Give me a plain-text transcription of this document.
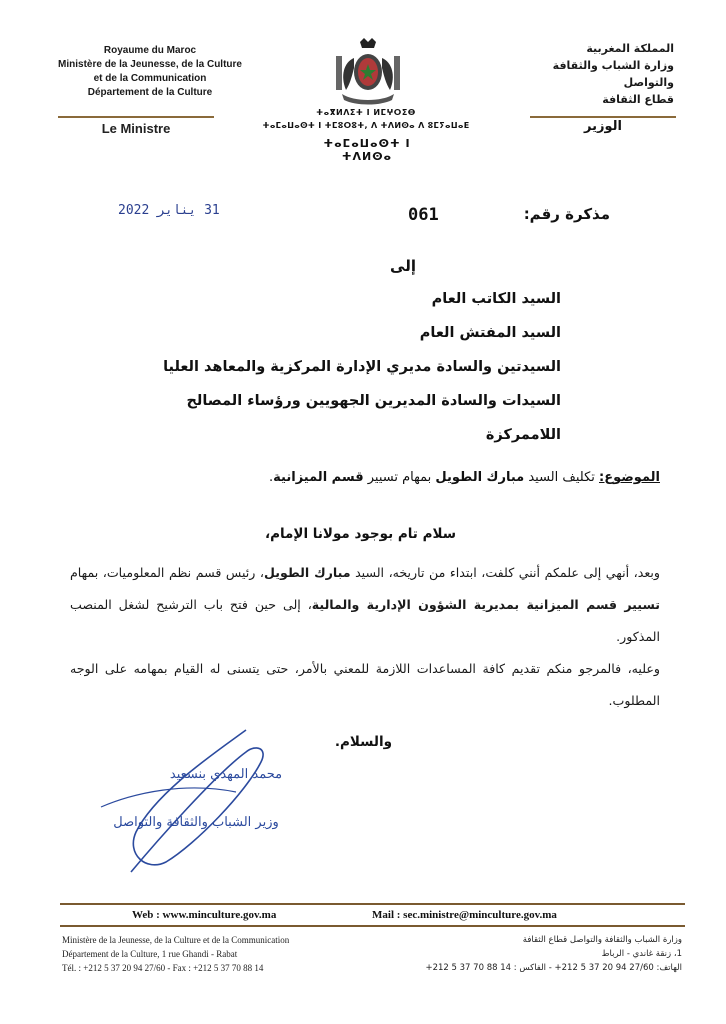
Royaume du Maroc
Ministère de la Jeunesse, de la Culture
et de la Communication
Département de la Culture
Le Ministre
ⵜⴰⴳⵍⴷⵉⵜ ⵏ ⵍⵎⵖⵔⵉⴱ
ⵜⴰⵎⴰⵡⴰⵙⵜ ⵏ ⵜⵎⵓⵔⵓⵜ, ⴷ ⵜⴷⵍⵙⴰ ⴷ ⵓⵎⵢⴰⵡⴰⴹ
ⵜⴰⵎⴰⵡⴰⵙⵜ ⵏ ⵜⴷⵍⵙⴰ
المملكة المغربية
وزارة الشباب والثقافة
والتواصل
قطاع الثقافة
الوزير
31 يناير 2022	مذكرة رقم:
061
إلى
السيد الكاتب العام
السيد المفتش العام
السيدتين والسادة مديري الإدارة المركزية والمعاهد العليا
السيدات والسادة المديرين الجهويين ورؤساء المصالح اللاممركزة
الموضوع: تكليف السيد مبارك الطويل بمهام تسيير قسم الميزانية.
سلام تام بوجود مولانا الإمام،

وبعد، أنهي إلى علمكم أنني كلفت، ابتداء من تاريخه، السيد مبارك الطويل، رئيس قسم نظم المعلوميات، بمهام تسيير قسم الميزانية بمديرية الشؤون الإدارية والمالية، إلى حين فتح باب الترشيح لشغل المنصب المذكور.

وعليه، فالمرجو منكم تقديم كافة المساعدات اللازمة للمعني بالأمر، حتى يتسنى له القيام بمهامه على الوجه المطلوب.

والسلام.
محمد المهدي بنسعيد
وزير الشباب والثقافة والتواصل
Web : www.minculture.gov.ma	Mail : sec.ministre@minculture.gov.ma
Ministère de la Jeunesse, de la Culture et de la Communication
Département de la Culture, 1 rue Ghandi - Rabat
Tél. : +212 5 37 20 94 27/60 - Fax : +212 5 37 70 88 14
وزارة الشباب والثقافة والتواصل قطاع الثقافة
1، زنقة غاندي - الرباط
الهاتف: 27/60 94 20 37 5 212+ - الفاكس : 14 88 70 37 5 212+
